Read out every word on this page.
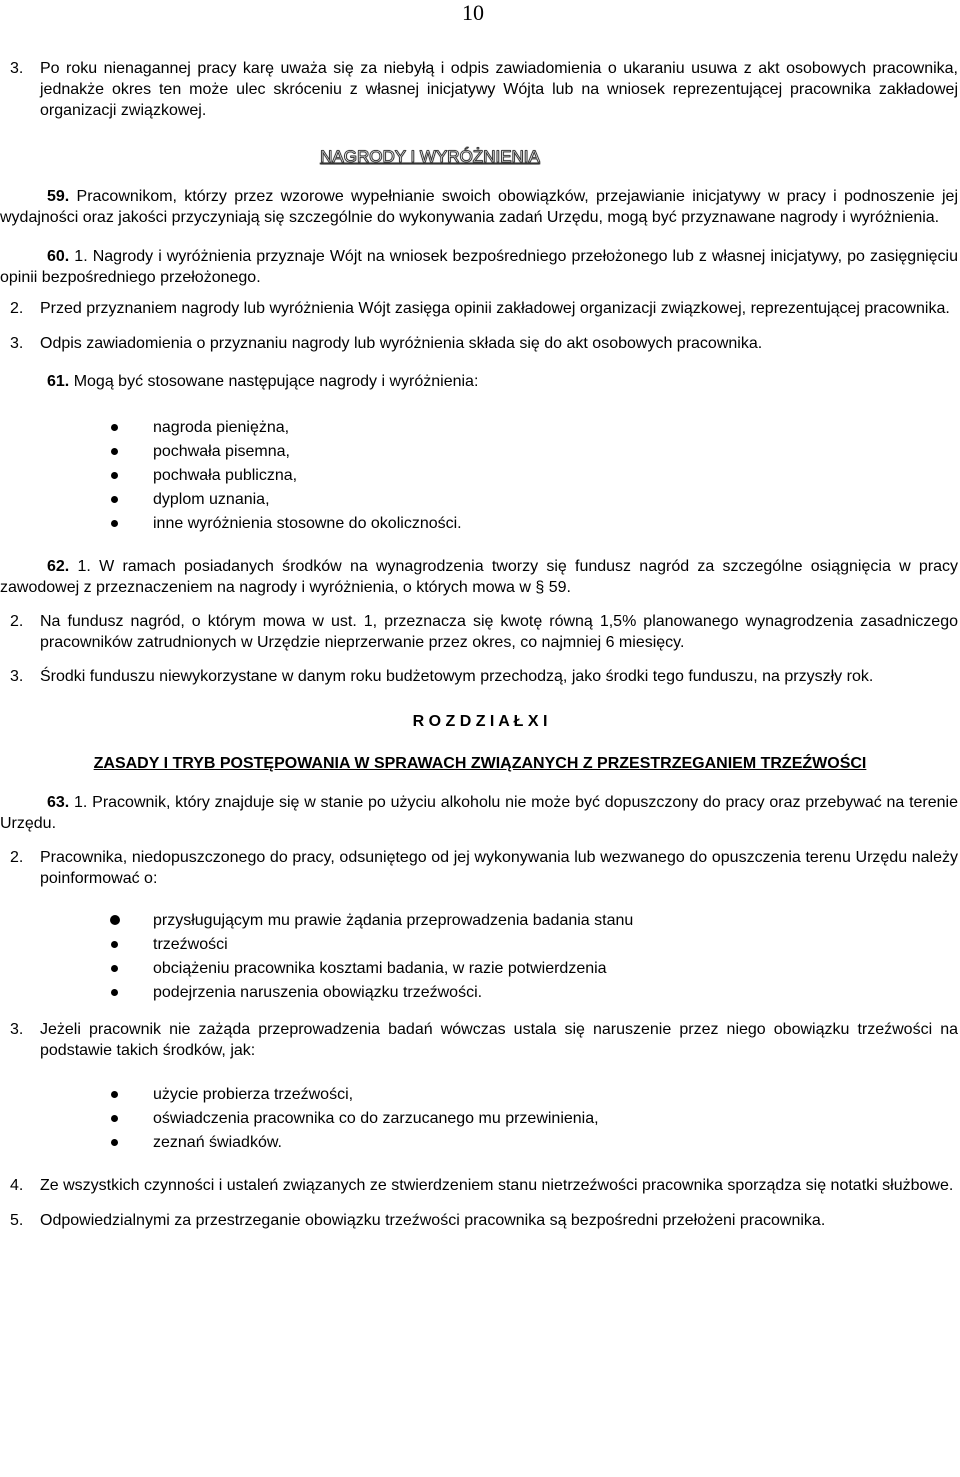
10

3. Po roku nienagannej pracy karę uważa się za niebyłą i odpis zawiadomienia o ukaraniu usuwa z akt osobowych pracownika, jednakże okres ten może ulec skróceniu z własnej inicjatywy Wójta lub na wniosek reprezentującej pracownika zakładowej organizacji związkowej.

NAGRODY I WYRÓŻNIENIA

59. Pracownikom, którzy przez wzorowe wypełnianie swoich obowiązków, przejawianie inicjatywy w pracy i podnoszenie jej wydajności oraz jakości przyczyniają się szczególnie do wykonywania zadań Urzędu, mogą być przyznawane nagrody i wyróżnienia.

60. 1. Nagrody i wyróżnienia przyznaje Wójt na wniosek bezpośredniego przełożonego lub z własnej inicjatywy, po zasięgnięciu opinii bezpośredniego przełożonego.

2. Przed przyznaniem nagrody lub wyróżnienia Wójt zasięga opinii zakładowej organizacji związkowej, reprezentującej pracownika.

3. Odpis zawiadomienia o przyznaniu nagrody lub wyróżnienia składa się do akt osobowych pracownika.

61. Mogą być stosowane następujące nagrody i wyróżnienia:

nagroda pieniężna,
pochwała pisemna,
pochwała publiczna,
dyplom uznania,
inne wyróżnienia stosowne do okoliczności.

62. 1. W ramach posiadanych środków na wynagrodzenia tworzy się fundusz nagród za szczególne osiągnięcia w pracy zawodowej z przeznaczeniem na nagrody i wyróżnienia, o których mowa w § 59.

2. Na fundusz nagród, o którym mowa w ust. 1, przeznacza się kwotę równą 1,5% planowanego wynagrodzenia zasadniczego pracowników zatrudnionych w Urzędzie nieprzerwanie przez okres, co najmniej 6 miesięcy.

3. Środki funduszu niewykorzystane w danym roku budżetowym przechodzą, jako środki tego funduszu, na przyszły rok.

R O Z D Z I A Ł X I
ZASADY I TRYB POSTĘPOWANIA W SPRAWACH ZWIĄZANYCH Z PRZESTRZEGANIEM TRZEŹWOŚCI

63. 1. Pracownik, który znajduje się w stanie po użyciu alkoholu nie może być dopuszczony do pracy oraz przebywać na terenie Urzędu.

2. Pracownika, niedopuszczonego do pracy, odsuniętego od jej wykonywania lub wezwanego do opuszczenia terenu Urzędu należy poinformować o:

przysługującym mu prawie żądania przeprowadzenia badania stanu
trzeźwości
obciążeniu pracownika kosztami badania, w razie potwierdzenia
podejrzenia naruszenia obowiązku trzeźwości.

3. Jeżeli pracownik nie zażąda przeprowadzenia badań wówczas ustala się naruszenie przez niego obowiązku trzeźwości na podstawie takich środków, jak:

użycie probierza trzeźwości,
oświadczenia pracownika co do zarzucanego mu przewinienia,
zeznań świadków.

4. Ze wszystkich czynności i ustaleń związanych ze stwierdzeniem stanu nietrzeźwości pracownika sporządza się notatki służbowe.

5. Odpowiedzialnymi za przestrzeganie obowiązku trzeźwości pracownika są bezpośredni przełożeni pracownika.
